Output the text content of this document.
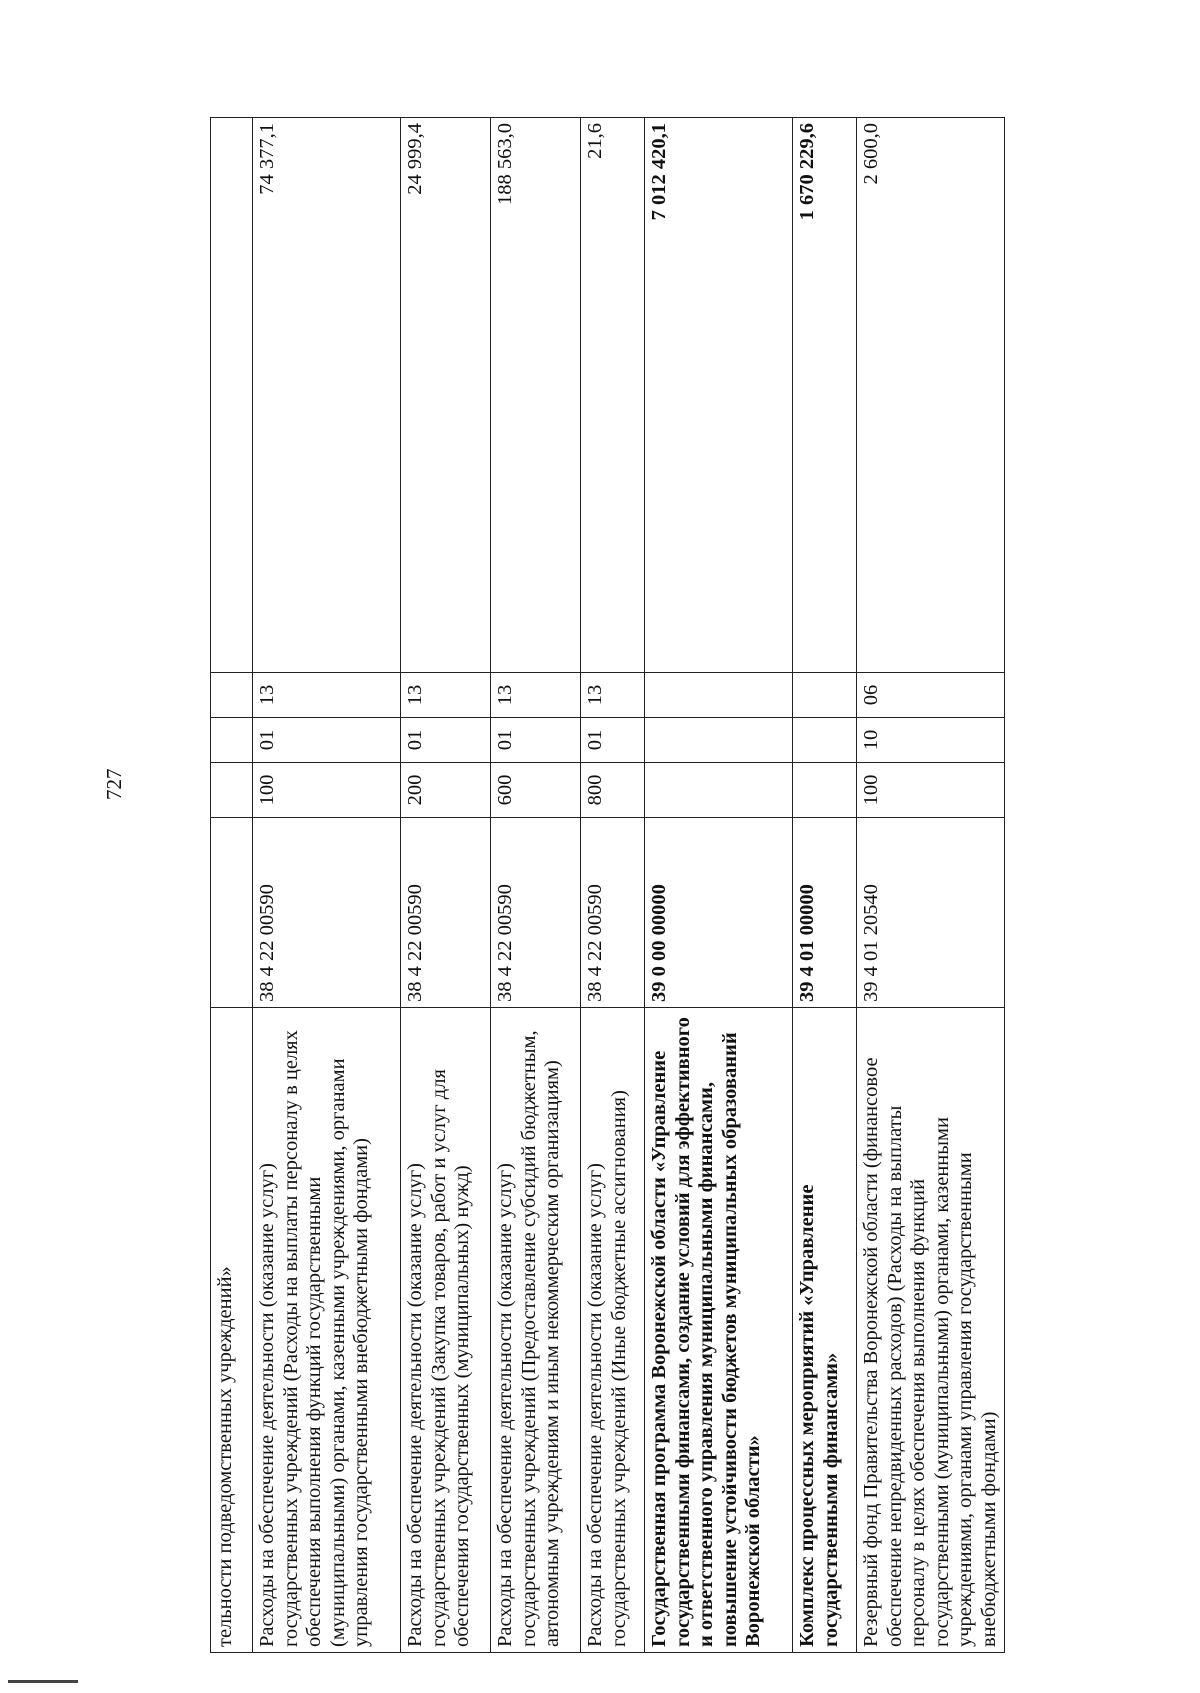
727
тельности подведомственных учреждений»					
Расходы на обеспечение деятельности (оказание услуг) государственных учреждений (Расходы на выплаты персоналу в целях обеспечения выполнения функций государственными (муниципальными) органами, казенными учреждениями, органами управления государственными внебюджетными фондами)	38 4 22 00590	100	01	13	74 377,1
Расходы на обеспечение деятельности (оказание услуг) государственных учреждений (Закупка товаров, работ и услуг для обеспечения государственных (муниципальных) нужд)	38 4 22 00590	200	01	13	24 999,4
Расходы на обеспечение деятельности (оказание услуг) государственных учреждений (Предоставление субсидий бюджетным, автономным учреждениям и иным некоммерческим организациям)	38 4 22 00590	600	01	13	188 563,0
Расходы на обеспечение деятельности (оказание услуг) государственных учреждений (Иные бюджетные ассигнования)	38 4 22 00590	800	01	13	21,6
Государственная программа Воронежской области «Управление государственными финансами, создание условий для эффективного и ответственного управления муниципальными финансами, повышение устойчивости бюджетов муниципальных образований Воронежской области»	39 0 00 00000				7 012 420,1
Комплекс процессных мероприятий «Управление государственными финансами»	39 4 01 00000				1 670 229,6
Резервный фонд Правительства Воронежской области (финансовое обеспечение непредвиденных расходов) (Расходы на выплаты персоналу в целях обеспечения выполнения функций государственными (муниципальными) органами, казенными учреждениями, органами управления государственными внебюджетными фондами)	39 4 01 20540	100	10	06	2 600,0
